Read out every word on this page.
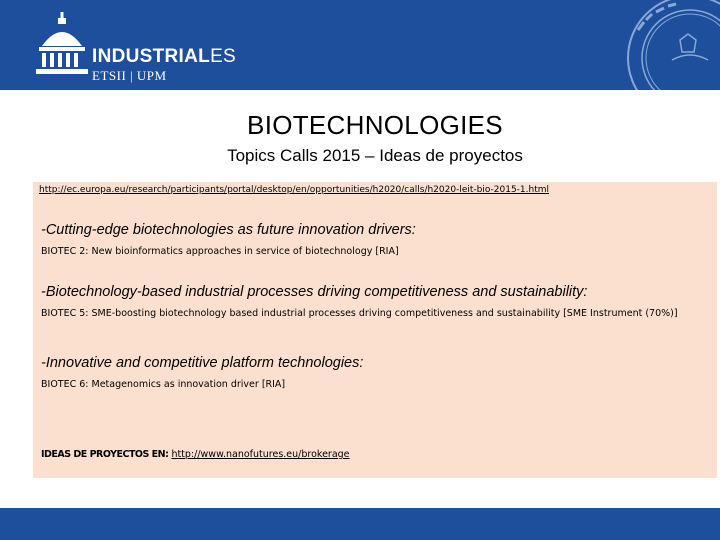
INDUSTRIALES
ETSII | UPM
BIOTECHNOLOGIES
Topics Calls 2015 – Ideas de proyectos
http://ec.europa.eu/research/participants/portal/desktop/en/opportunities/h2020/calls/h2020-leit-bio-2015-1.html
-Cutting-edge biotechnologies as future innovation drivers:
BIOTEC 2: New bioinformatics approaches in service of biotechnology [RIA]
-Biotechnology-based industrial processes driving competitiveness and sustainability:
BIOTEC 5: SME-boosting biotechnology based industrial processes driving competitiveness and sustainability [SME Instrument (70%)]
-Innovative and competitive platform technologies:
BIOTEC 6: Metagenomics as innovation driver [RIA]
IDEAS DE PROYECTOS EN: http://www.nanofutures.eu/brokerage
